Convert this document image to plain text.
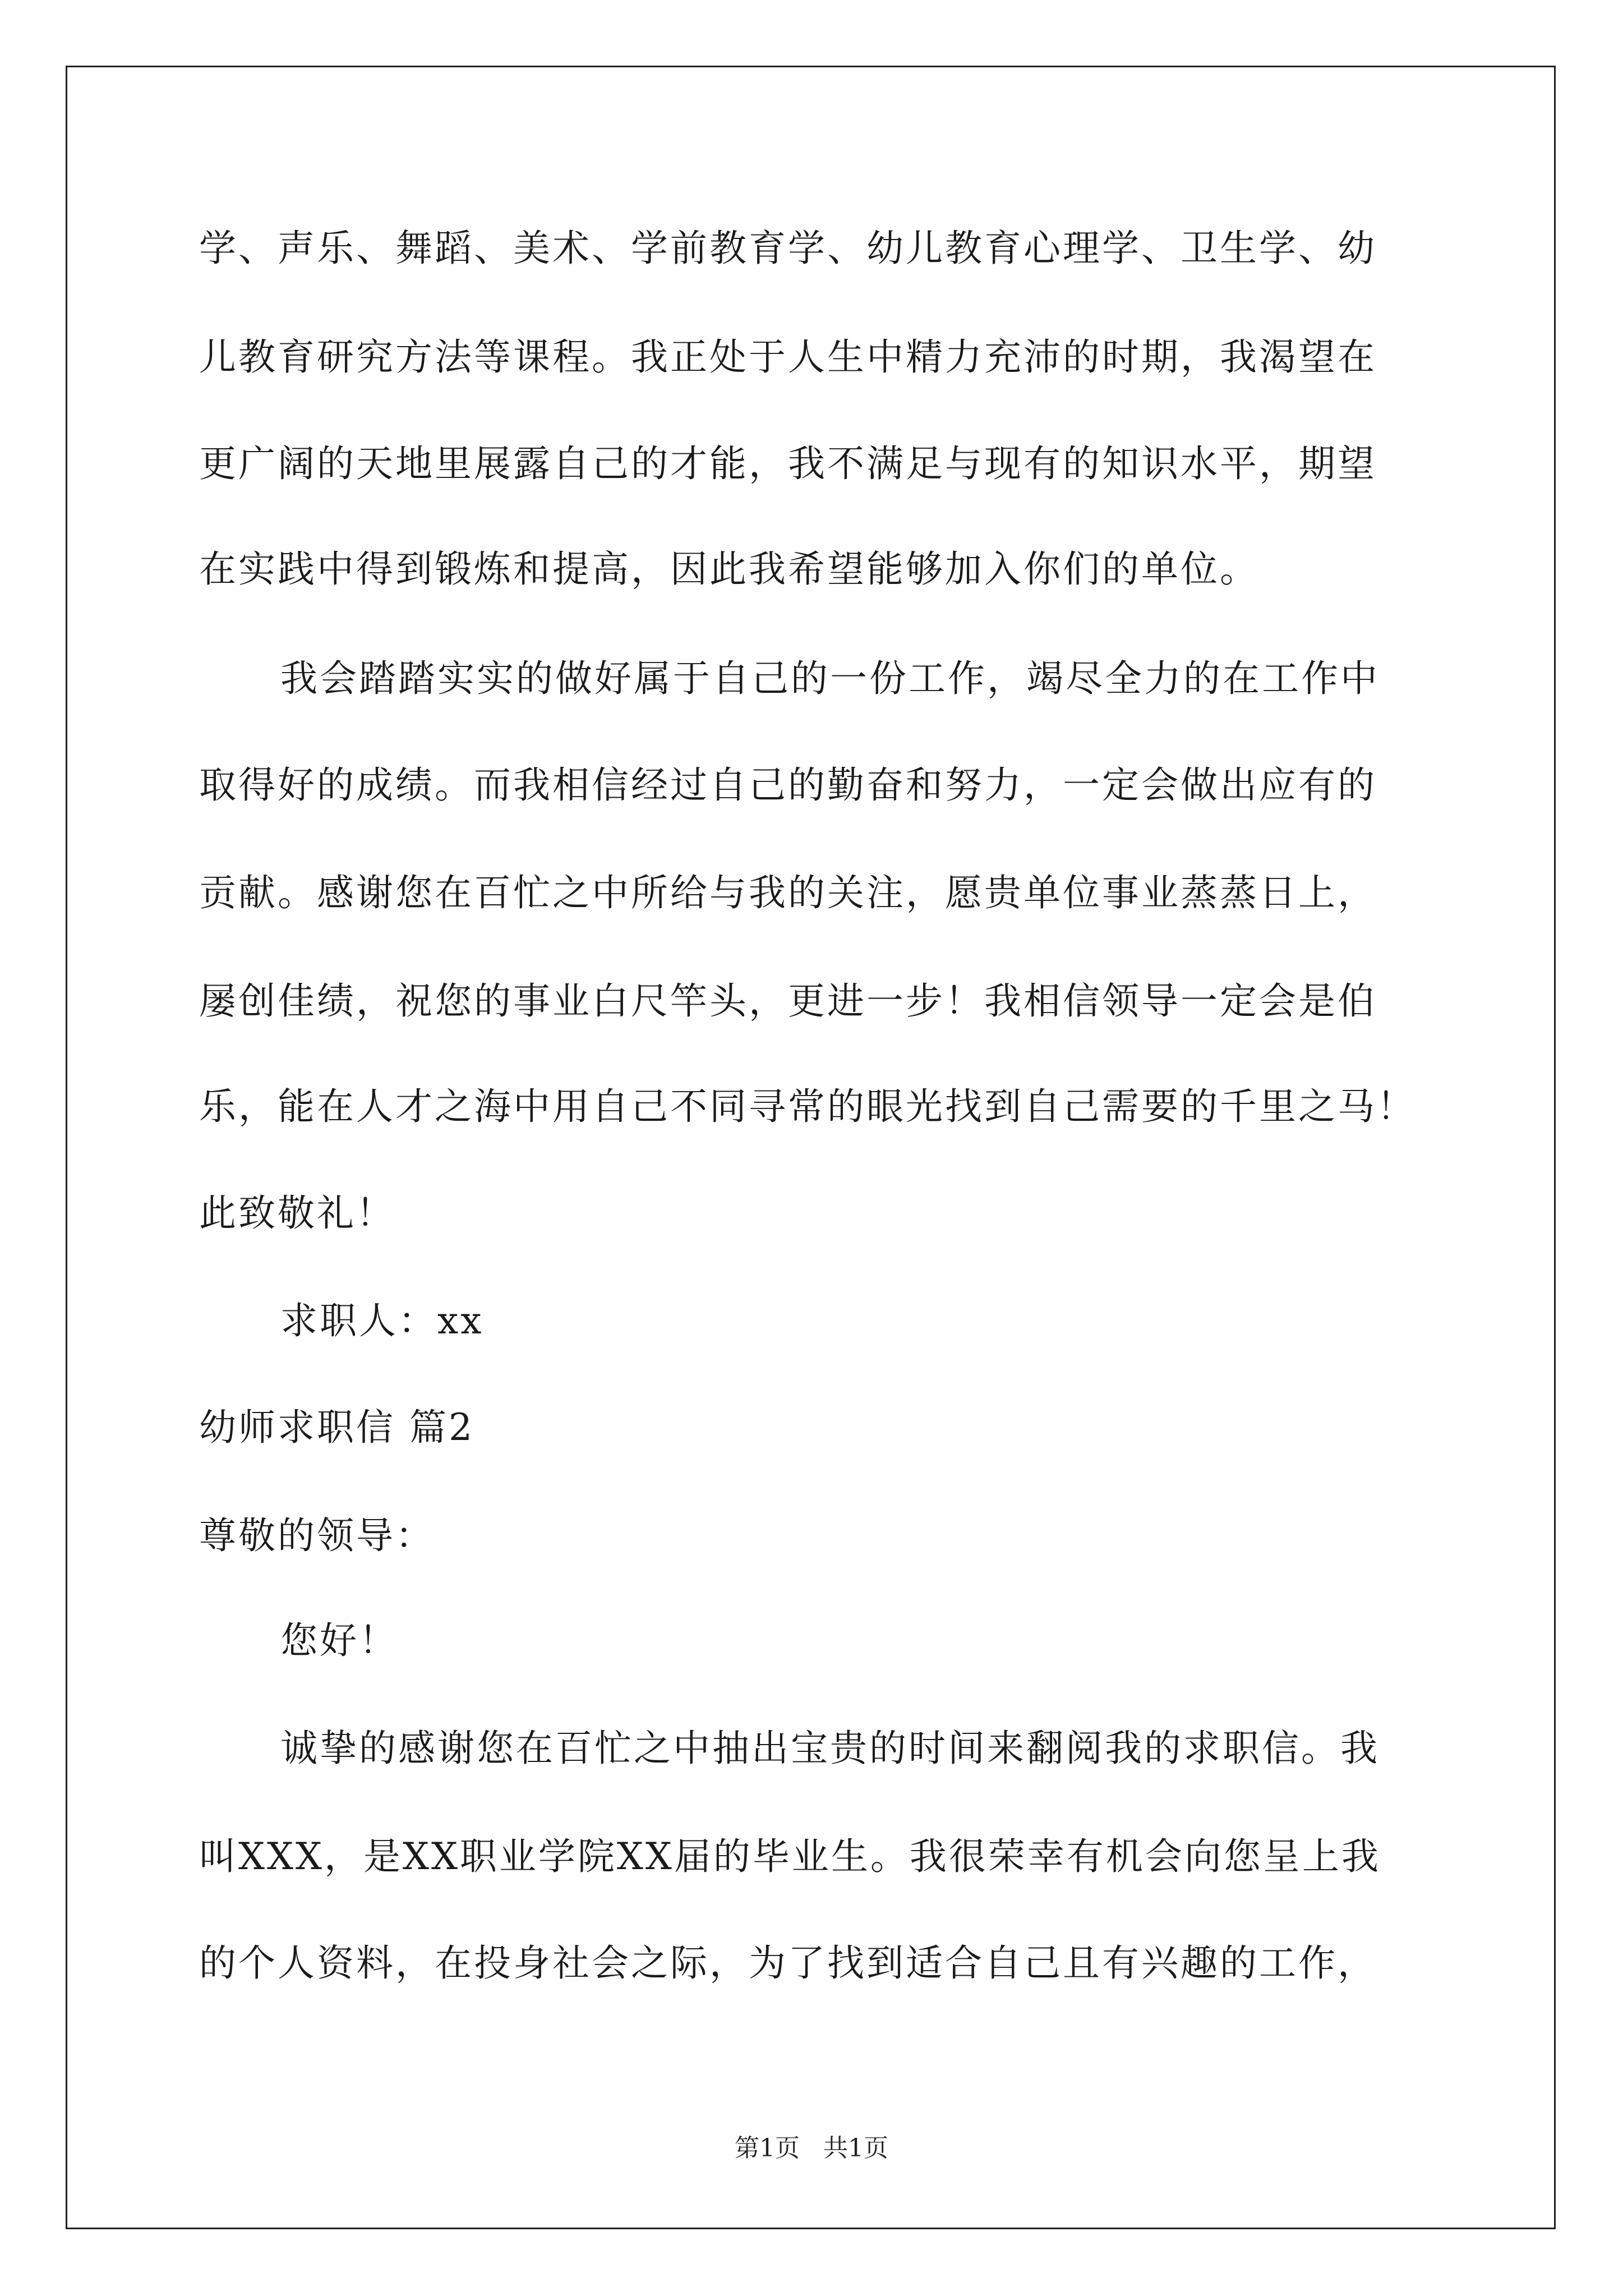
学、声乐、舞蹈、美术、学前教育学、幼儿教育心理学、卫生学、幼
儿教育研究方法等课程。我正处于人生中精力充沛的时期，我渴望在
更广阔的天地里展露自己的才能，我不满足与现有的知识水平，期望
在实践中得到锻炼和提高，因此我希望能够加入你们的单位。
我会踏踏实实的做好属于自己的一份工作，竭尽全力的在工作中
取得好的成绩。而我相信经过自己的勤奋和努力，一定会做出应有的
贡献。感谢您在百忙之中所给与我的关注，愿贵单位事业蒸蒸日上，
屡创佳绩，祝您的事业白尺竿头，更进一步！我相信领导一定会是伯
乐，能在人才之海中用自己不同寻常的眼光找到自己需要的千里之马！
此致敬礼！
求职人：xx
幼师求职信 篇2
尊敬的领导：
您好！
诚挚的感谢您在百忙之中抽出宝贵的时间来翻阅我的求职信。我
叫XXX，是XX职业学院XX届的毕业生。我很荣幸有机会向您呈上我
的个人资料，在投身社会之际，为了找到适合自己且有兴趣的工作，
第1页   共1页
